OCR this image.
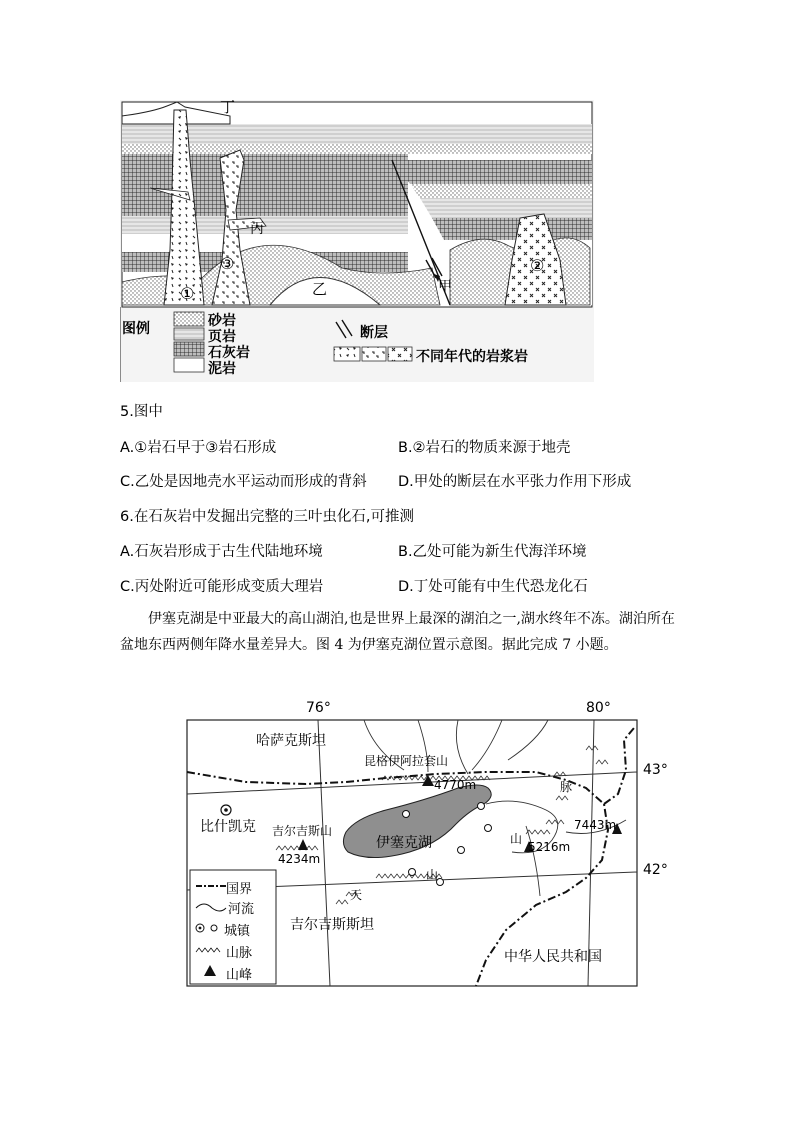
丁
丙
乙	甲
①
②
③
图例	砂岩
页岩
石灰岩
泥岩
断层
不同年代的岩浆岩
5.图中
A.①岩石早于③岩石形成	B.②岩石的物质来源于地壳
C.乙处是因地壳水平运动而形成的背斜 D.甲处的断层在水平张力作用下形成
6.在石灰岩中发掘出完整的三叶虫化石,可推测
A.石灰岩形成于古生代陆地环境	B.乙处可能为新生代海洋环境
C.丙处附近可能形成变质大理岩	D.丁处可能有中生代恐龙化石
伊塞克湖是中亚最大的高山湖泊,也是世界上最深的湖泊之一,湖水终年不冻。湖泊所在盆地东西两侧年降水量差异大。图 4 为伊塞克湖位置示意图。据此完成 7 小题。
76°	80°
43°
42°
哈萨克斯坦
昆格伊阿拉套山
4770m
比什凯克 吉尔吉斯山
4234m
伊塞克湖	山
山
脉
天
7443m
5216m
吉尔吉斯斯坦
中华人民共和国
国界
河流
城镇
山脉
山峰
